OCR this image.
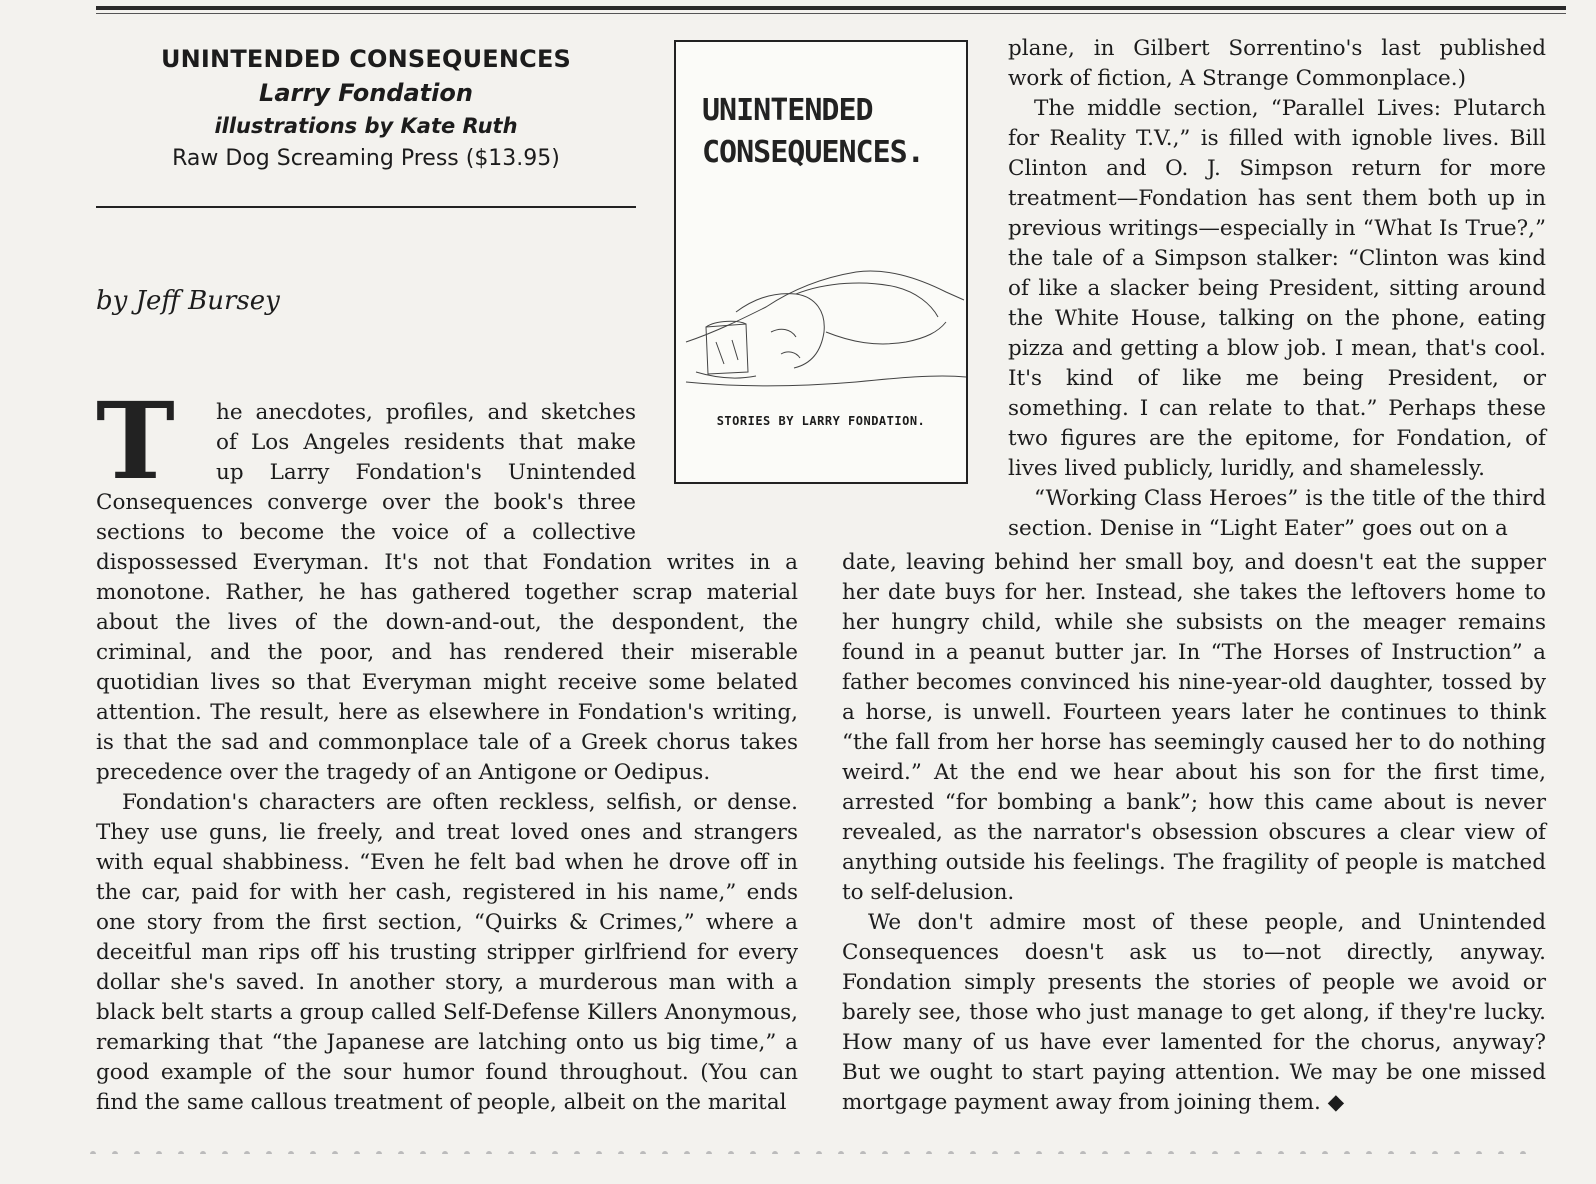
UNINTENDED CONSEQUENCES
Larry Fondation
illustrations by Kate Ruth
Raw Dog Screaming Press ($13.95)
by Jeff Bursey
UNINTENDED
CONSEQUENCES.
STORIES BY LARRY FONDATION.
T he anecdotes, profiles, and sketches
of Los Angeles residents that make
up Larry Fondation's Unintended
Consequences converge over the book's three
sections to become the voice of a collective

dispossessed Everyman. It's not that Fondation writes in a monotone. Rather, he has gathered together scrap material about the lives of the down-and-out, the despondent, the criminal, and the poor, and has rendered their miserable quotidian lives so that Everyman might receive some belated attention. The result, here as elsewhere in Fondation's writing, is that the sad and commonplace tale of a Greek chorus takes precedence over the tragedy of an Antigone or Oedipus.

Fondation's characters are often reckless, selfish, or dense. They use guns, lie freely, and treat loved ones and strangers with equal shabbiness. “Even he felt bad when he drove off in the car, paid for with her cash, registered in his name,” ends one story from the first section, “Quirks & Crimes,” where a deceitful man rips off his trusting stripper girlfriend for every dollar she's saved. In another story, a murderous man with a black belt starts a group called Self-Defense Killers Anonymous, remarking that “the Japanese are latching onto us big time,” a good example of the sour humor found throughout. (You can find the same callous treatment of people, albeit on the marital

plane, in Gilbert Sorrentino's last published work of fiction, A Strange Commonplace.)

The middle section, “Parallel Lives: Plutarch for Reality T.V.,” is filled with ignoble lives. Bill Clinton and O. J. Simpson return for more treatment—Fondation has sent them both up in previous writings—especially in “What Is True?,” the tale of a Simpson stalker: “Clinton was kind of like a slacker being President, sitting around the White House, talking on the phone, eating pizza and getting a blow job. I mean, that's cool. It's kind of like me being President, or something. I can relate to that.” Perhaps these two figures are the epitome, for Fondation, of lives lived publicly, luridly, and shamelessly.

“Working Class Heroes” is the title of the third section. Denise in “Light Eater” goes out on a

date, leaving behind her small boy, and doesn't eat the supper her date buys for her. Instead, she takes the leftovers home to her hungry child, while she subsists on the meager remains found in a peanut butter jar. In “The Horses of Instruction” a father becomes convinced his nine-year-old daughter, tossed by a horse, is unwell. Fourteen years later he continues to think “the fall from her horse has seemingly caused her to do nothing weird.” At the end we hear about his son for the first time, arrested “for bombing a bank”; how this came about is never revealed, as the narrator's obsession obscures a clear view of anything outside his feelings. The fragility of people is matched to self-delusion.

We don't admire most of these people, and Unintended Consequences doesn't ask us to—not directly, anyway. Fondation simply presents the stories of people we avoid or barely see, those who just manage to get along, if they're lucky. How many of us have ever lamented for the chorus, anyway? But we ought to start paying attention. We may be one missed mortgage payment away from joining them. ◆
